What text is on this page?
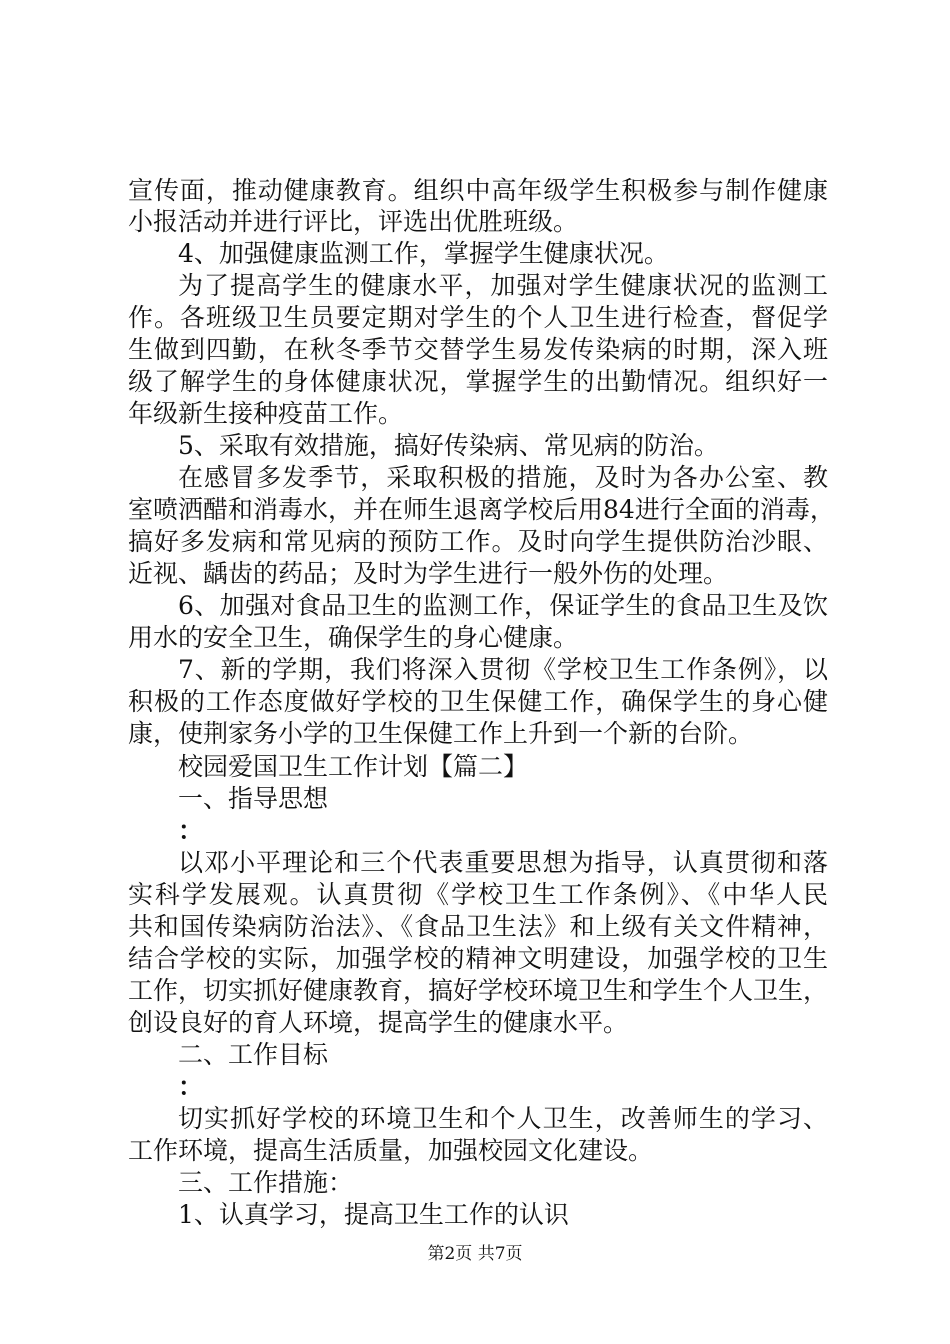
宣传面，推动健康教育。组织中高年级学生积极参与制作健康
小报活动并进行评比，评选出优胜班级。
4、加强健康监测工作，掌握学生健康状况。
为了提高学生的健康水平，加强对学生健康状况的监测工
作。各班级卫生员要定期对学生的个人卫生进行检查，督促学
生做到四勤，在秋冬季节交替学生易发传染病的时期，深入班
级了解学生的身体健康状况，掌握学生的出勤情况。组织好一
年级新生接种疫苗工作。
5、采取有效措施，搞好传染病、常见病的防治。
在感冒多发季节，采取积极的措施，及时为各办公室、教
室喷洒醋和消毒水，并在师生退离学校后用84进行全面的消毒，
搞好多发病和常见病的预防工作。及时向学生提供防治沙眼、
近视、龋齿的药品；及时为学生进行一般外伤的处理。
6、加强对食品卫生的监测工作，保证学生的食品卫生及饮
用水的安全卫生，确保学生的身心健康。
7、新的学期，我们将深入贯彻《学校卫生工作条例》，以
积极的工作态度做好学校的卫生保健工作，确保学生的身心健
康，使荆家务小学的卫生保健工作上升到一个新的台阶。
校园爱国卫生工作计划【篇二】
一、指导思想
：
以邓小平理论和三个代表重要思想为指导，认真贯彻和落
实科学发展观。认真贯彻《学校卫生工作条例》、《中华人民
共和国传染病防治法》、《食品卫生法》和上级有关文件精神，
结合学校的实际，加强学校的精神文明建设，加强学校的卫生
工作，切实抓好健康教育，搞好学校环境卫生和学生个人卫生，
创设良好的育人环境，提高学生的健康水平。
二、工作目标
：
切实抓好学校的环境卫生和个人卫生，改善师生的学习、
工作环境，提高生活质量，加强校园文化建设。
三、工作措施：
1、认真学习，提高卫生工作的认识
第2页 共7页
